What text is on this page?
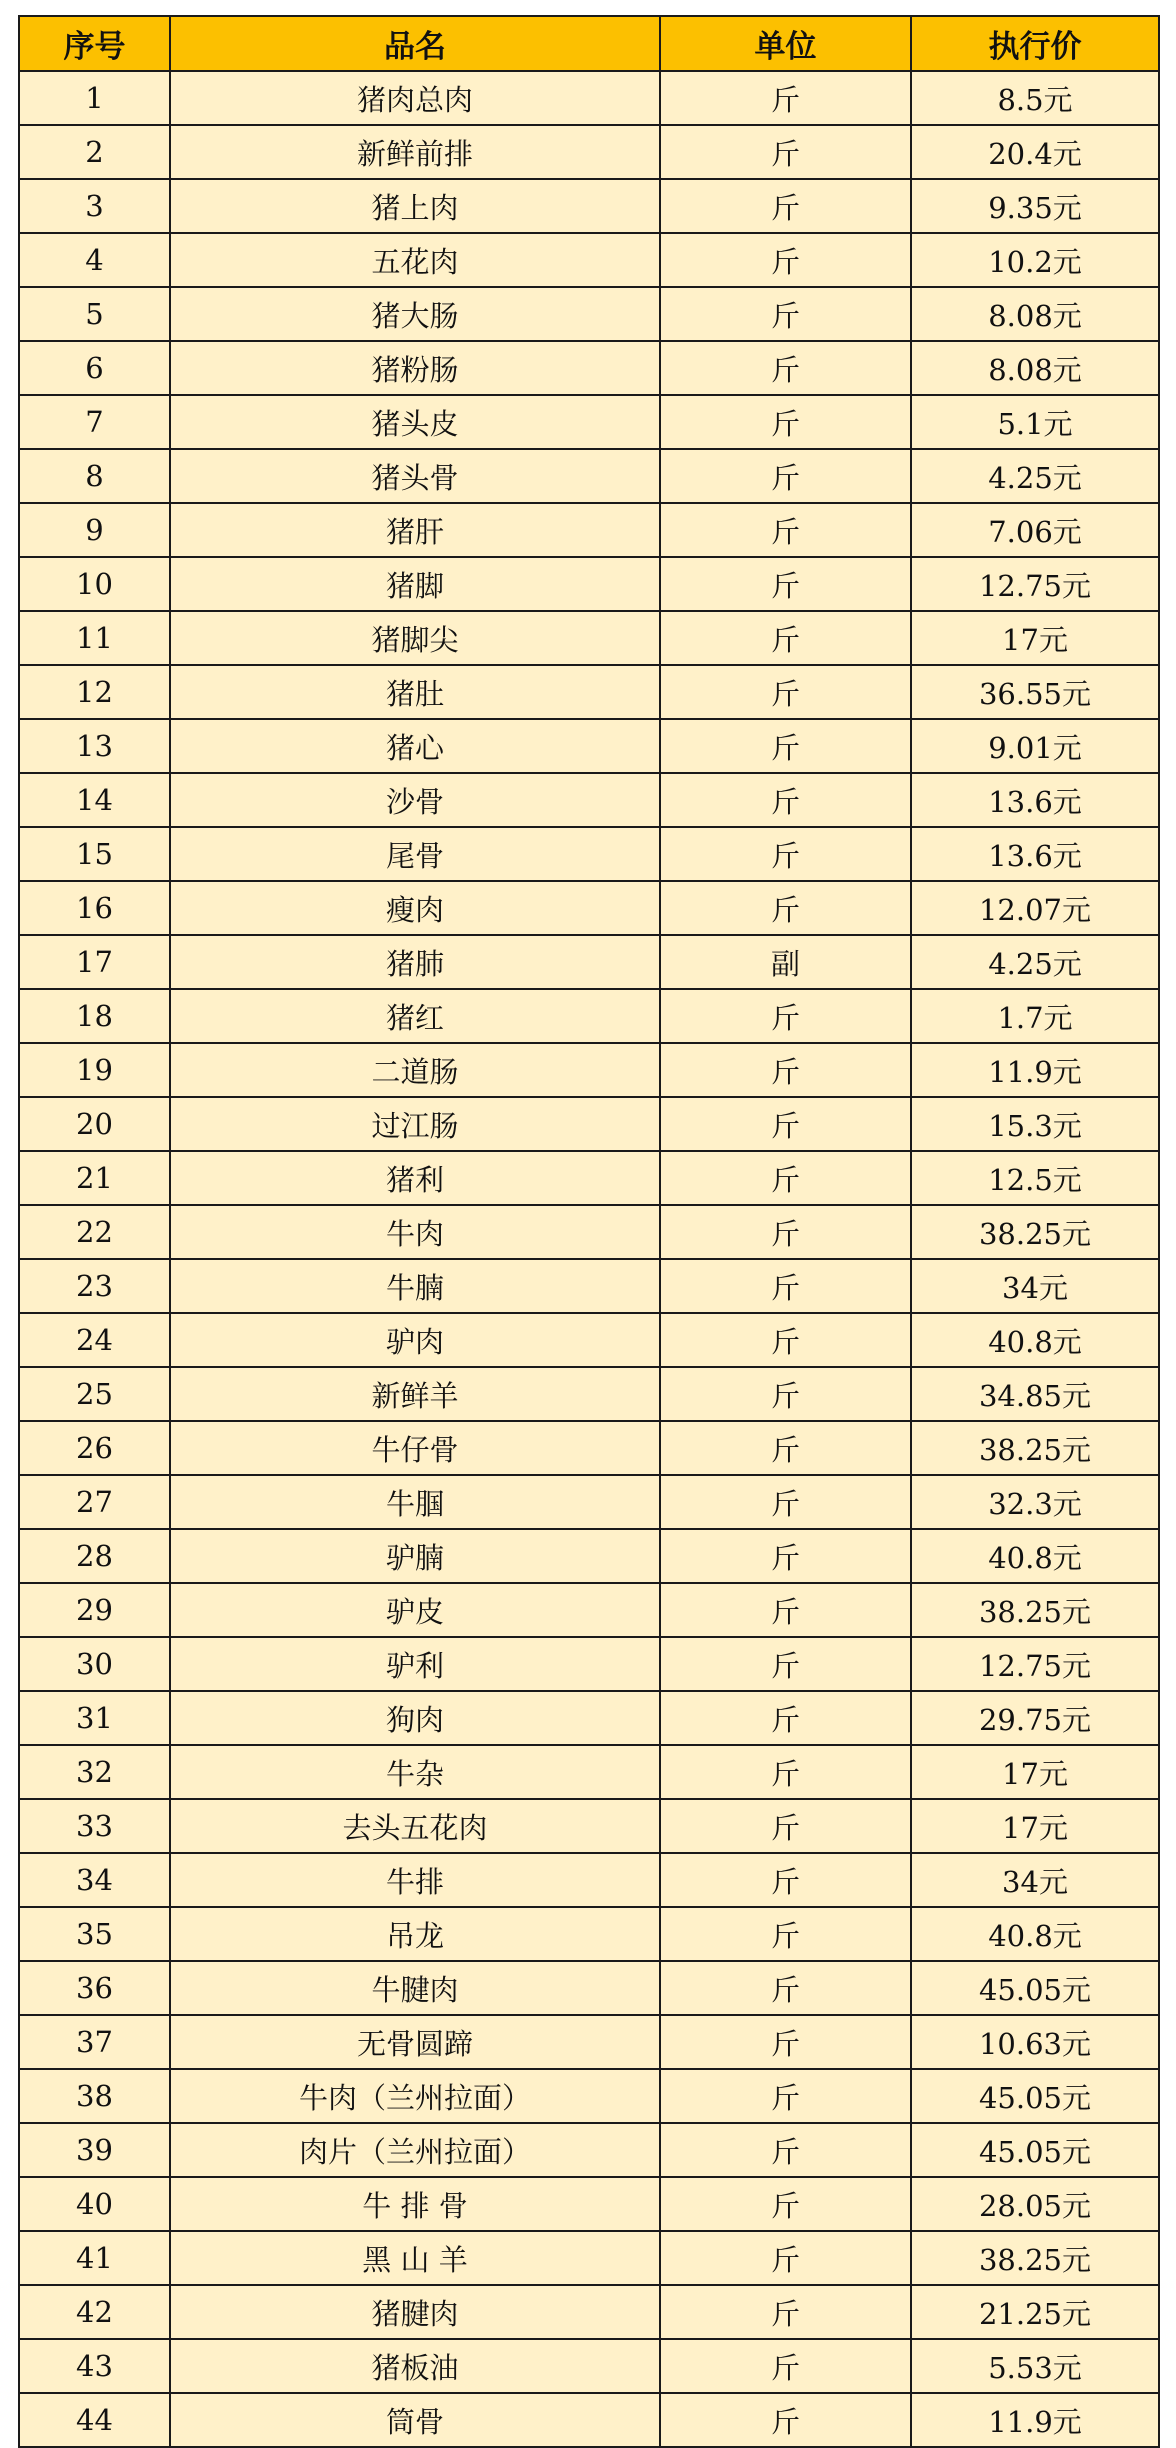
序号	品名	单位	执行价
1	猪肉总肉	斤	8.5元
2	新鲜前排	斤	20.4元
3	猪上肉	斤	9.35元
4	五花肉	斤	10.2元
5	猪大肠	斤	8.08元
6	猪粉肠	斤	8.08元
7	猪头皮	斤	5.1元
8	猪头骨	斤	4.25元
9	猪肝	斤	7.06元
10	猪脚	斤	12.75元
11	猪脚尖	斤	17元
12	猪肚	斤	36.55元
13	猪心	斤	9.01元
14	沙骨	斤	13.6元
15	尾骨	斤	13.6元
16	瘦肉	斤	12.07元
17	猪肺	副	4.25元
18	猪红	斤	1.7元
19	二道肠	斤	11.9元
20	过江肠	斤	15.3元
21	猪利	斤	12.5元
22	牛肉	斤	38.25元
23	牛腩	斤	34元
24	驴肉	斤	40.8元
25	新鲜羊	斤	34.85元
26	牛仔骨	斤	38.25元
27	牛腘	斤	32.3元
28	驴腩	斤	40.8元
29	驴皮	斤	38.25元
30	驴利	斤	12.75元
31	狗肉	斤	29.75元
32	牛杂	斤	17元
33	去头五花肉	斤	17元
34	牛排	斤	34元
35	吊龙	斤	40.8元
36	牛腱肉	斤	45.05元
37	无骨圆蹄	斤	10.63元
38	牛肉（兰州拉面）	斤	45.05元
39	肉片（兰州拉面）	斤	45.05元
40	牛 排 骨	斤	28.05元
41	黑 山 羊	斤	38.25元
42	猪腱肉	斤	21.25元
43	猪板油	斤	5.53元
44	筒骨	斤	11.9元
